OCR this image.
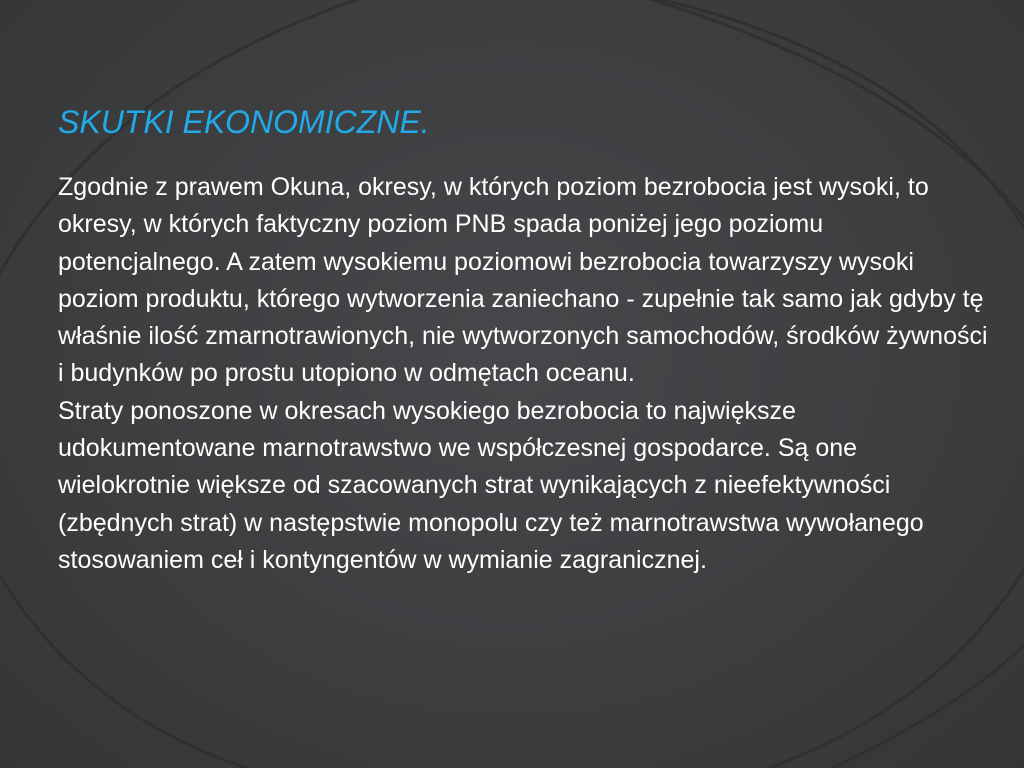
SKUTKI EKONOMICZNE.

Zgodnie z prawem Okuna, okresy, w których poziom bezrobocia jest wysoki, to okresy, w których faktyczny poziom PNB spada poniżej jego poziomu potencjalnego. A zatem wysokiemu poziomowi bezrobocia towarzyszy wysoki poziom produktu, którego wytworzenia zaniechano - zupełnie tak samo jak gdyby tę właśnie ilość zmarnotrawionych, nie wytworzonych samochodów, środków żywności i budynków po prostu utopiono w odmętach oceanu.

Straty ponoszone w okresach wysokiego bezrobocia to największe udokumentowane marnotrawstwo we współczesnej gospodarce. Są one wielokrotnie większe od szacowanych strat wynikających z nieefektywności (zbędnych strat) w następstwie monopolu czy też marnotrawstwa wywołanego stosowaniem ceł i kontyngentów w wymianie zagranicznej.
